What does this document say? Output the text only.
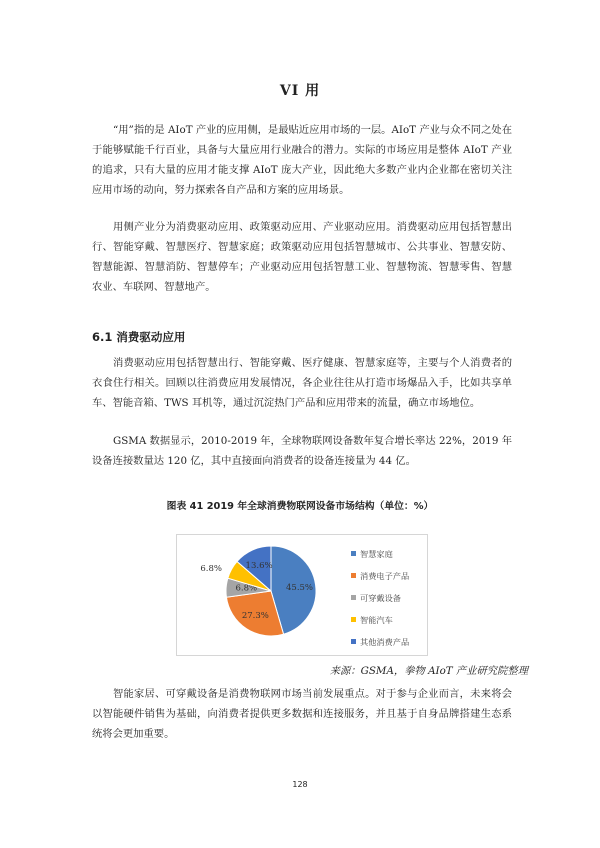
VI 用

“用”指的是 AIoT 产业的应用侧，是最贴近应用市场的一层。AIoT 产业与众不同之处在于能够赋能千行百业，具备与大量应用行业融合的潜力。实际的市场应用是整体 AIoT 产业的追求，只有大量的应用才能支撑 AIoT 庞大产业，因此绝大多数产业内企业都在密切关注应用市场的动向，努力探索各自产品和方案的应用场景。

用侧产业分为消费驱动应用、政策驱动应用、产业驱动应用。消费驱动应用包括智慧出行、智能穿戴、智慧医疗、智慧家庭；政策驱动应用包括智慧城市、公共事业、智慧安防、智慧能源、智慧消防、智慧停车；产业驱动应用包括智慧工业、智慧物流、智慧零售、智慧农业、车联网、智慧地产。

6.1 消费驱动应用

消费驱动应用包括智慧出行、智能穿戴、医疗健康、智慧家庭等，主要与个人消费者的衣食住行相关。回顾以往消费应用发展情况，各企业往往从打造市场爆品入手，比如共享单车、智能音箱、TWS 耳机等，通过沉淀热门产品和应用带来的流量，确立市场地位。

GSMA 数据显示，2010-2019 年，全球物联网设备数年复合增长率达 22%，2019 年设备连接数量达 120 亿，其中直接面向消费者的设备连接量为 44 亿。

图表 41 2019 年全球消费物联网设备市场结构（单位：%）
45.5%
27.3%
6.8%
6.8%	13.6%
智慧家庭
消费电子产品
可穿戴设备
智能汽车
其他消费产品
来源：GSMA，拳物 AIoT 产业研究院整理

智能家居、可穿戴设备是消费物联网市场当前发展重点。对于参与企业而言，未来将会以智能硬件销售为基础，向消费者提供更多数据和连接服务，并且基于自身品牌搭建生态系统将会更加重要。

128
